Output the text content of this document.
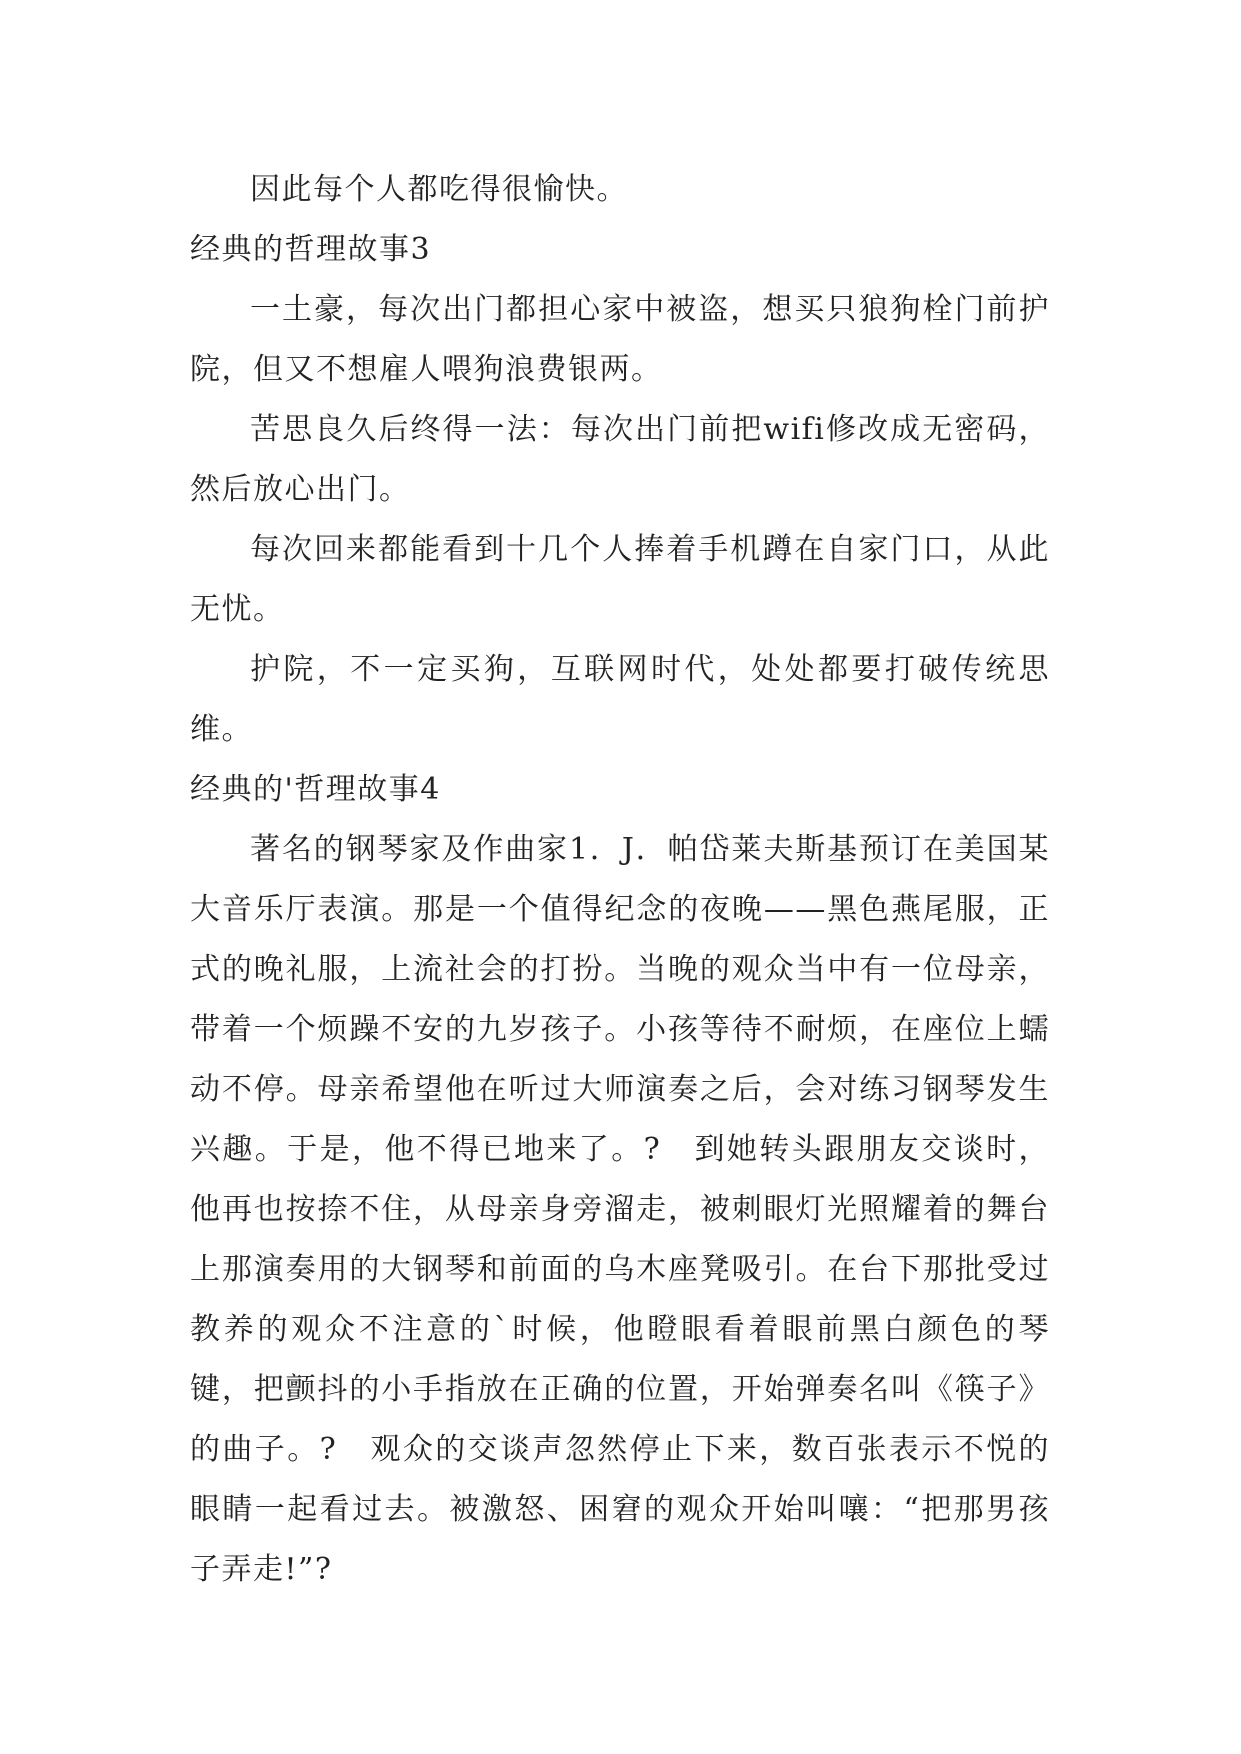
因此每个人都吃得很愉快。

经典的哲理故事3

一土豪，每次出门都担心家中被盗，想买只狼狗栓门前护院，但又不想雇人喂狗浪费银两。

苦思良久后终得一法：每次出门前把wifi修改成无密码，然后放心出门。

每次回来都能看到十几个人捧着手机蹲在自家门口，从此无忧。

护院，不一定买狗，互联网时代，处处都要打破传统思维。

经典的'哲理故事4

著名的钢琴家及作曲家1．J．帕岱莱夫斯基预订在美国某大音乐厅表演。那是一个值得纪念的夜晚——黑色燕尾服，正式的晚礼服，上流社会的打扮。当晚的观众当中有一位母亲，带着一个烦躁不安的九岁孩子。小孩等待不耐烦，在座位上蠕动不停。母亲希望他在听过大师演奏之后，会对练习钢琴发生兴趣。于是，他不得已地来了。?　到她转头跟朋友交谈时，他再也按捺不住，从母亲身旁溜走，被刺眼灯光照耀着的舞台上那演奏用的大钢琴和前面的乌木座凳吸引。在台下那批受过教养的观众不注意的`时候，他瞪眼看着眼前黑白颜色的琴键，把颤抖的小手指放在正确的位置，开始弹奏名叫《筷子》的曲子。?　观众的交谈声忽然停止下来，数百张表示不悦的眼睛一起看过去。被激怒、困窘的观众开始叫嚷：“把那男孩子弄走!”?
